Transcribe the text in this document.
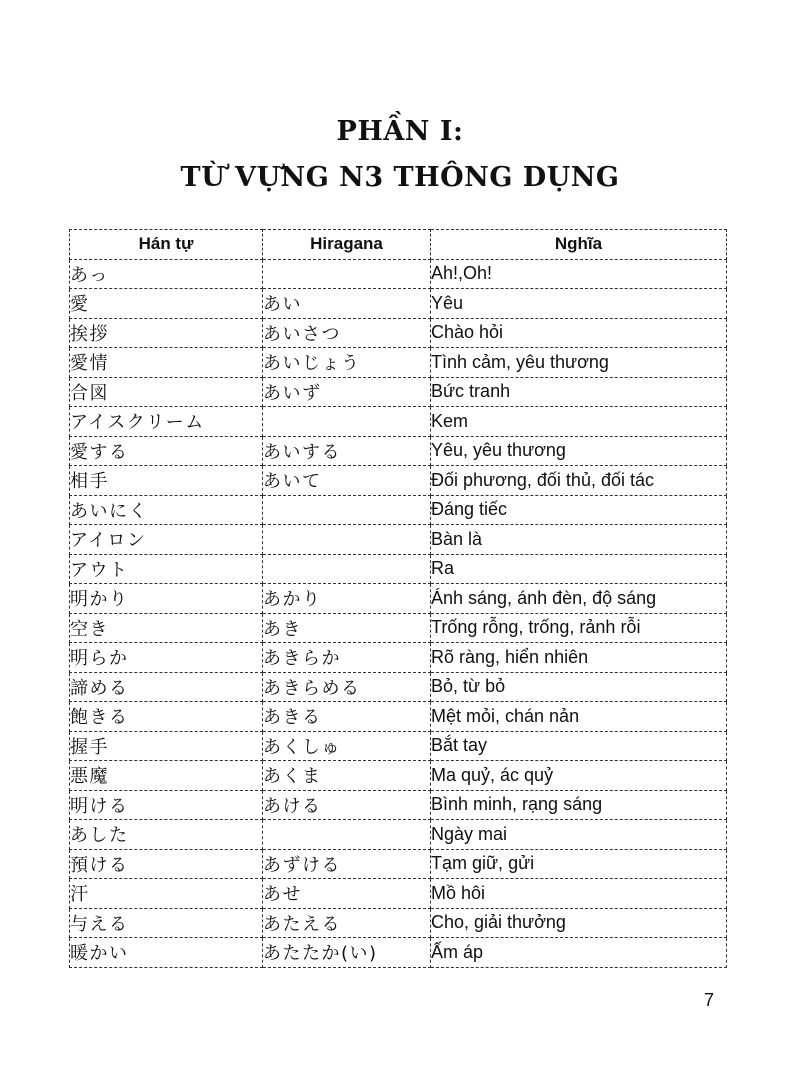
PHẦN I:
TỪ VỰNG N3 THÔNG DỤNG
Hán tự	Hiragana	Nghĩa
あっ		Ah!,Oh!
愛	あい	Yêu
挨拶	あいさつ	Chào hỏi
愛情	あいじょう	Tình cảm, yêu thương
合図	あいず	Bức tranh
アイスクリーム		Kem
愛する	あいする	Yêu, yêu thương
相手	あいて	Đối phương, đối thủ, đối tác
あいにく		Đáng tiếc
アイロン		Bàn là
アウト		Ra
明かり	あかり	Ánh sáng, ánh đèn, độ sáng
空き	あき	Trống rỗng, trống, rảnh rỗi
明らか	あきらか	Rõ ràng, hiển nhiên
諦める	あきらめる	Bỏ, từ bỏ
飽きる	あきる	Mệt mỏi, chán nản
握手	あくしゅ	Bắt tay
悪魔	あくま	Ma quỷ, ác quỷ
明ける	あける	Bình minh, rạng sáng
あした		Ngày mai
預ける	あずける	Tạm giữ, gửi
汗	あせ	Mồ hôi
与える	あたえる	Cho, giải thưởng
暖かい	あたたか(い)	Ấm áp
7
